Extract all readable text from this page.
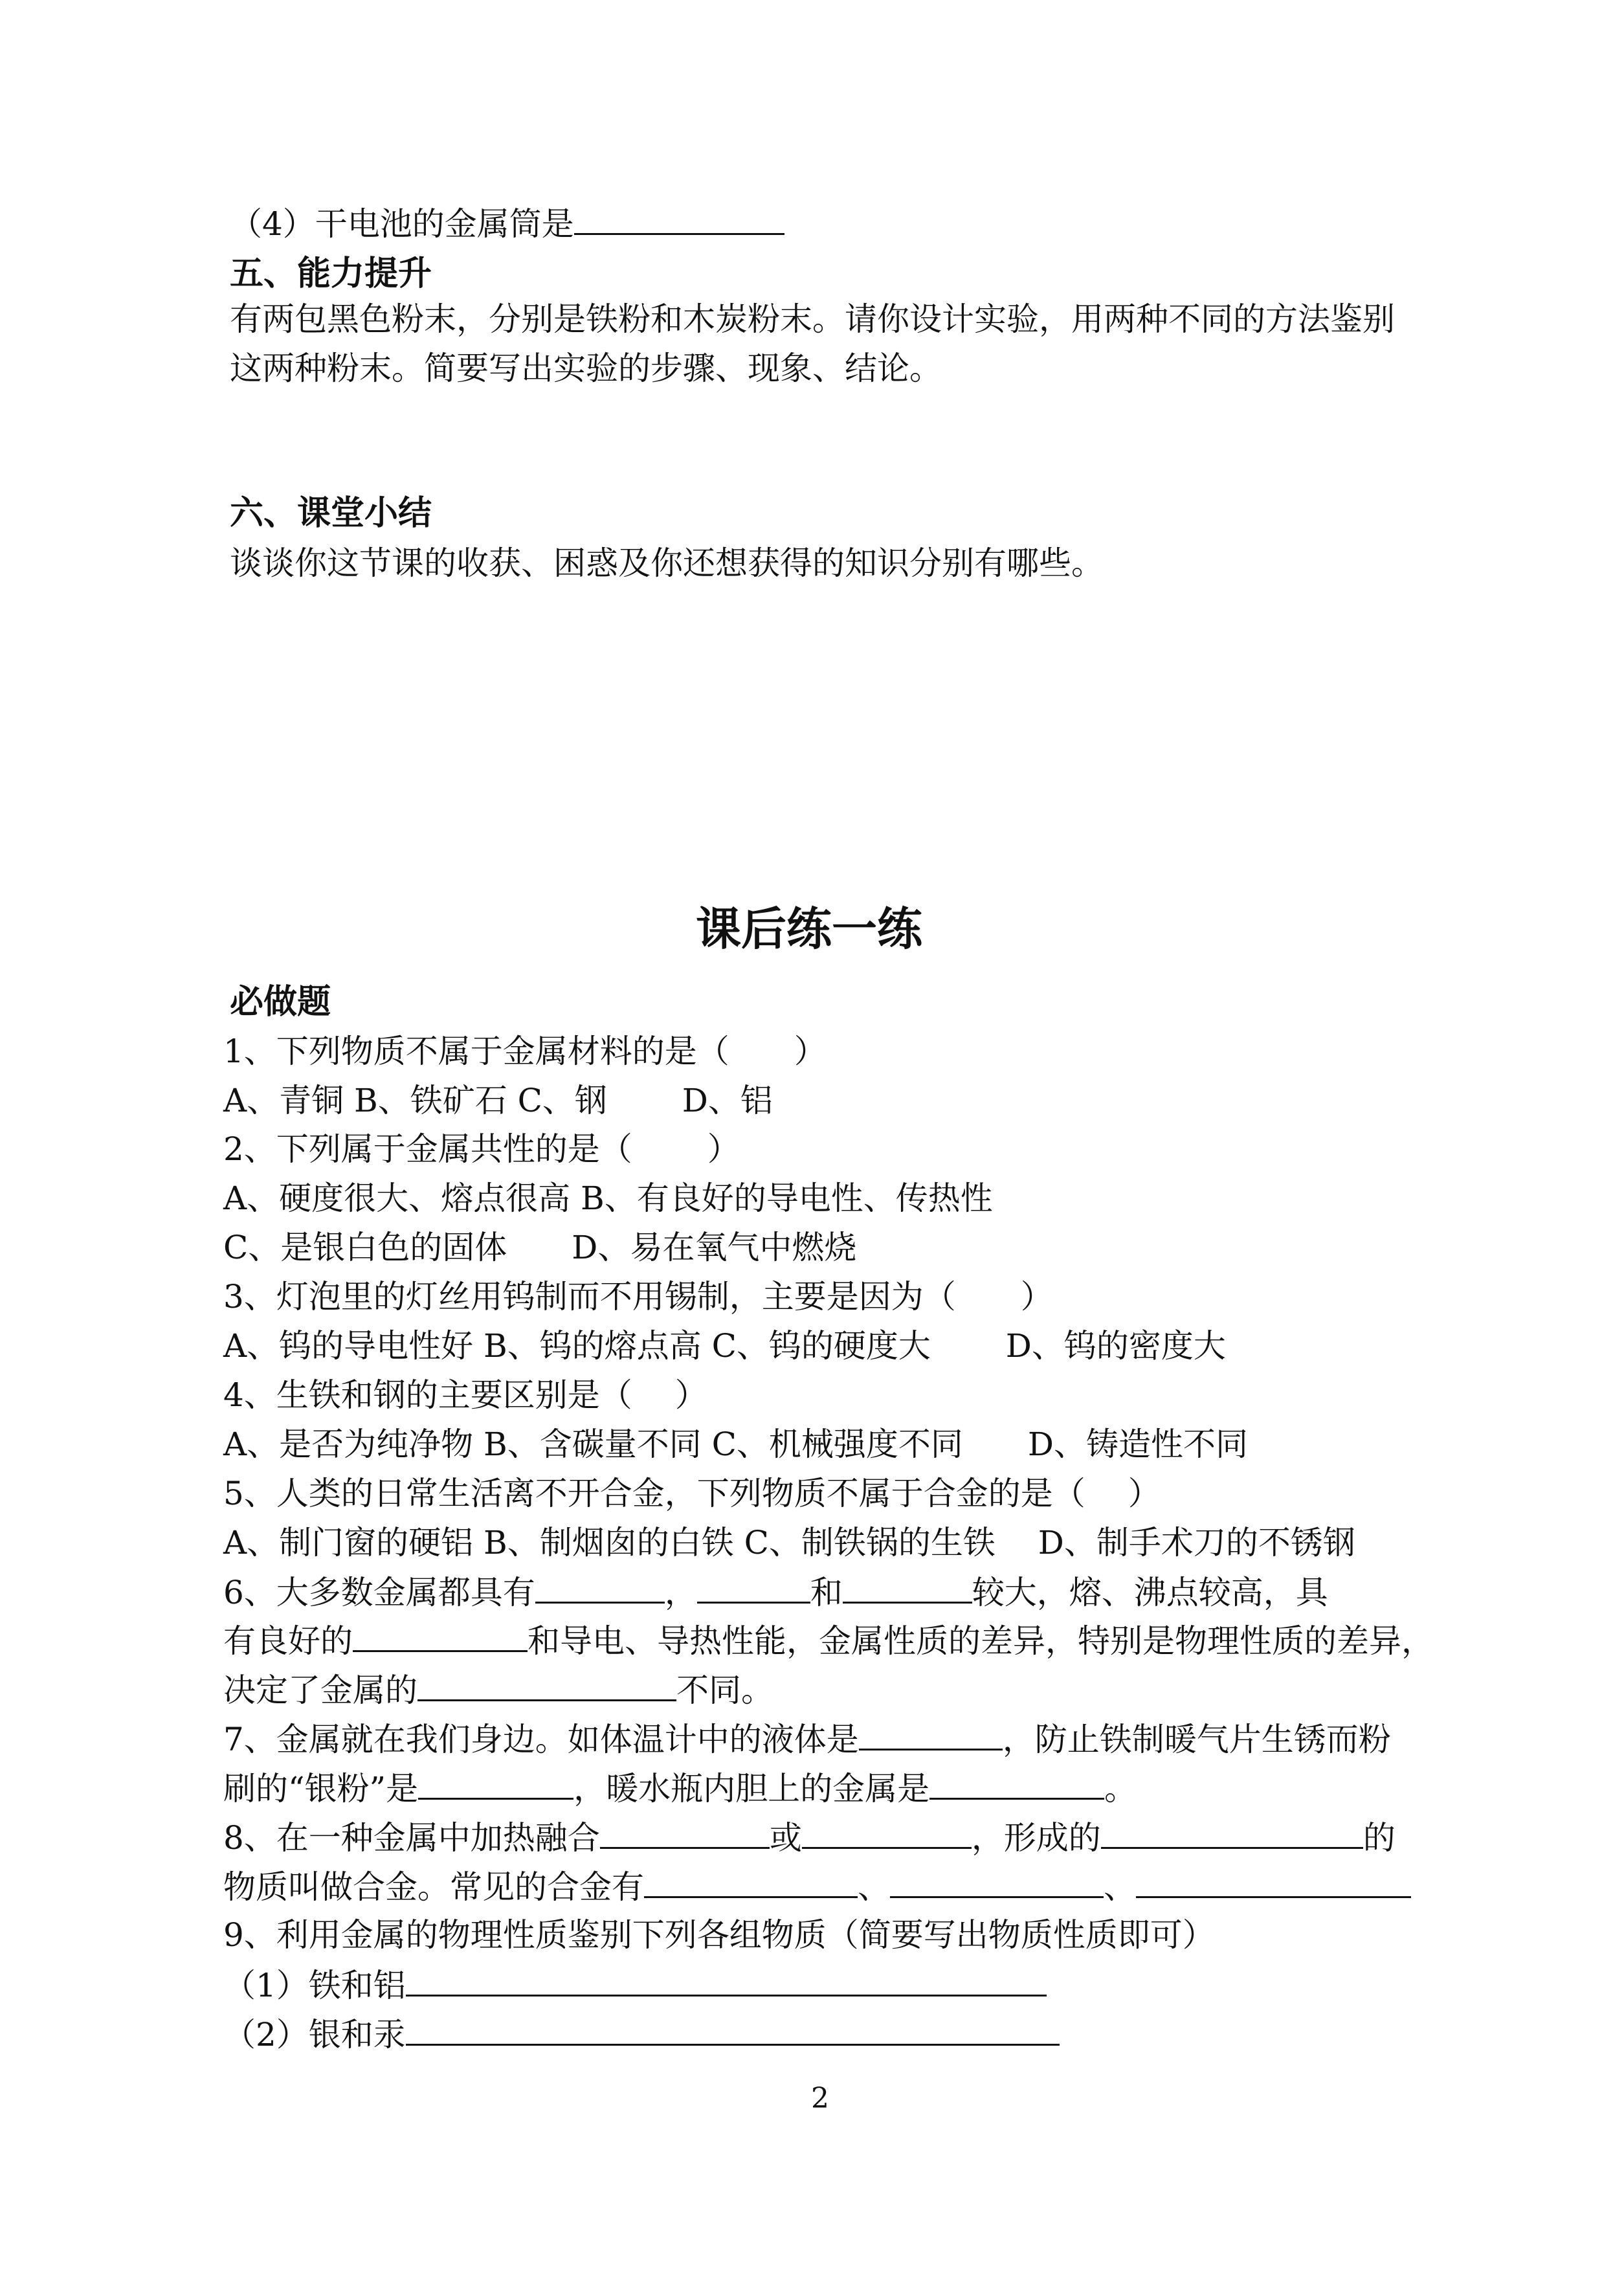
（4）干电池的金属筒是
五、能力提升
有两包黑色粉末，分别是铁粉和木炭粉末。请你设计实验，用两种不同的方法鉴别
这两种粉末。简要写出实验的步骤、现象、结论。
六、课堂小结
谈谈你这节课的收获、困惑及你还想获得的知识分别有哪些。
课后练一练
必做题
1、下列物质不属于金属材料的是（　　）
A、青铜 B、铁矿石 C、钢　　 D、铝
2、下列属于金属共性的是（　　 ）
A、硬度很大、熔点很高 B、有良好的导电性、传热性
C、是银白色的固体　　D、易在氧气中燃烧
3、灯泡里的灯丝用钨制而不用锡制，主要是因为（　　）
A、钨的导电性好 B、钨的熔点高 C、钨的硬度大　　 D、钨的密度大
4、生铁和钢的主要区别是（　 ）
A、是否为纯净物 B、含碳量不同 C、机械强度不同　　D、铸造性不同
5、人类的日常生活离不开合金，下列物质不属于合金的是（　 ）
A、制门窗的硬铝 B、制烟囱的白铁 C、制铁锅的生铁　 D、制手术刀的不锈钢
6、大多数金属都具有	，	和	较大，熔、沸点较高，具
有良好的	和导电、导热性能，金属性质的差异，特别是物理性质的差异，
决定了金属的	不同。
7、金属就在我们身边。如体温计中的液体是	，防止铁制暖气片生锈而粉
刷的“银粉”是	，暖水瓶内胆上的金属是	。
8、在一种金属中加热融合	或	，形成的	的
物质叫做合金。常见的合金有	、	、
9、利用金属的物理性质鉴别下列各组物质（简要写出物质性质即可）
（1）铁和铝
（2）银和汞
2
